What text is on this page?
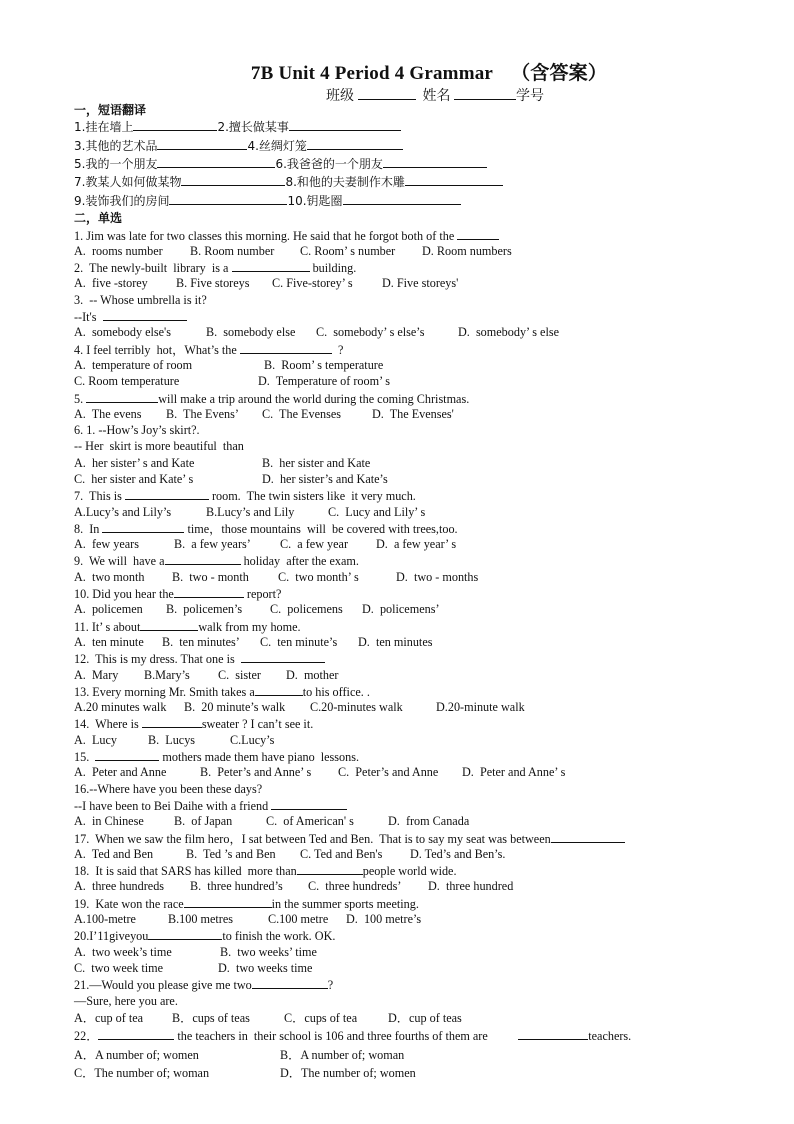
7B Unit 4 Period 4 Grammar （含答案）
班级	姓名	学号
一，短语翻译
1.挂在墙上	2.擅长做某事
3.其他的艺术品	4.丝绸灯笼
5.我的一个朋友	6.我爸爸的一个朋友
7.教某人如何做某物	8.和他的夫妻制作木雕
9.装饰我们的房间	10.钥匙圈
二，单选
1. Jim was late for two classes this morning. He said that he forgot both of the
A.  rooms number B. Room number C. Room’ s number D. Room numbers
2.  The newly-built  library  is a	building.
A.  five -storey B. Five storeys C. Five-storey’ s D. Five storeys'
3.  -- Whose umbrella is it?
--It's
A.  somebody else's	B.  somebody else C.  somebody’ s else’s	D.  somebody’ s else
4. I feel terribly  hot，What’s the	?
A.  temperature of room	B.  Room’ s temperature
C. Room temperature	D.  Temperature of room’ s
5.	will make a trip around the world during the coming Christmas.
A.  The evens B.  The Evens’ C.  The Evenses	D.  The Evenses'
6. 1. --How’s Joy’s skirt?.
-- Her  skirt is more beautiful  than
A.  her sister’ s and Kate	B.  her sister and Kate
C.  her sister and Kate’ s	D.  her sister’s and Kate’s
7.  This is	room.  The twin sisters like  it very much.
A.Lucy’s and Lily’s	B.Lucy’s and Lily	C.  Lucy and Lily’ s
8.  In	time，those mountains  will  be covered with trees,too.
A.  few years	B.  a few years’ C.  a few year D.  a few year’ s
9.  We will  have a	holiday  after the exam.
A.  two month B.  two - month C.  two month’ s	D.  two - months
10. Did you hear the	report?
A.  policemen B.  policemen’s C.  policemens D.  policemens’
11. It’ s about	walk from my home.
A.  ten minute B.  ten minutes’ C.  ten minute’s D.  ten minutes
12.  This is my dress. That one is
A.  Mary B.Mary’s C.  sister D.  mother
13. Every morning Mr. Smith takes a	to his office. .
A.20 minutes walk B.  20 minute’s walk C.20-minutes walk	D.20-minute walk
14.  Where is	sweater ? I can’t see it.
A.  Lucy	B.  Lucys	C.Lucy’s
15.	mothers made them have piano  lessons.
A.  Peter and Anne	B.  Peter’s and Anne’ s C.  Peter’s and Anne D.  Peter and Anne’ s
16.--Where have you been these days?
--I have been to Bei Daihe with a friend
A.  in Chinese B.  of Japan	C.  of American' s	D.  from Canada
17.  When we saw the film hero，I sat between Ted and Ben.  That is to say my seat was between
A.  Ted and Ben	B.  Ted ’s and Ben C. Ted and Ben's D. Ted’s and Ben’s.
18.  It is said that SARS has killed  more than	people world wide.
A.  three hundreds B.  three hundred’s C.  three hundreds’ D.  three hundred
19.  Kate won the race	in the summer sports meeting.
A.100-metre	B.100 metres	C.100 metre D.  100 metre’s
20.I’11giveyou	to finish the work. OK.
A.  two week’s time	B.  two weeks’ time
C.  two week time	D.  two weeks time
21.—Would you please give me two	?
—Sure, here you are.
A．cup of tea B．cups of teas	C．cups of tea	D．cup of teas
22．	the teachers in  their school is 106 and three fourths of them are	teachers.
A．A number of; women	B．A number of; woman
C．The number of; woman	D．The number of; women
